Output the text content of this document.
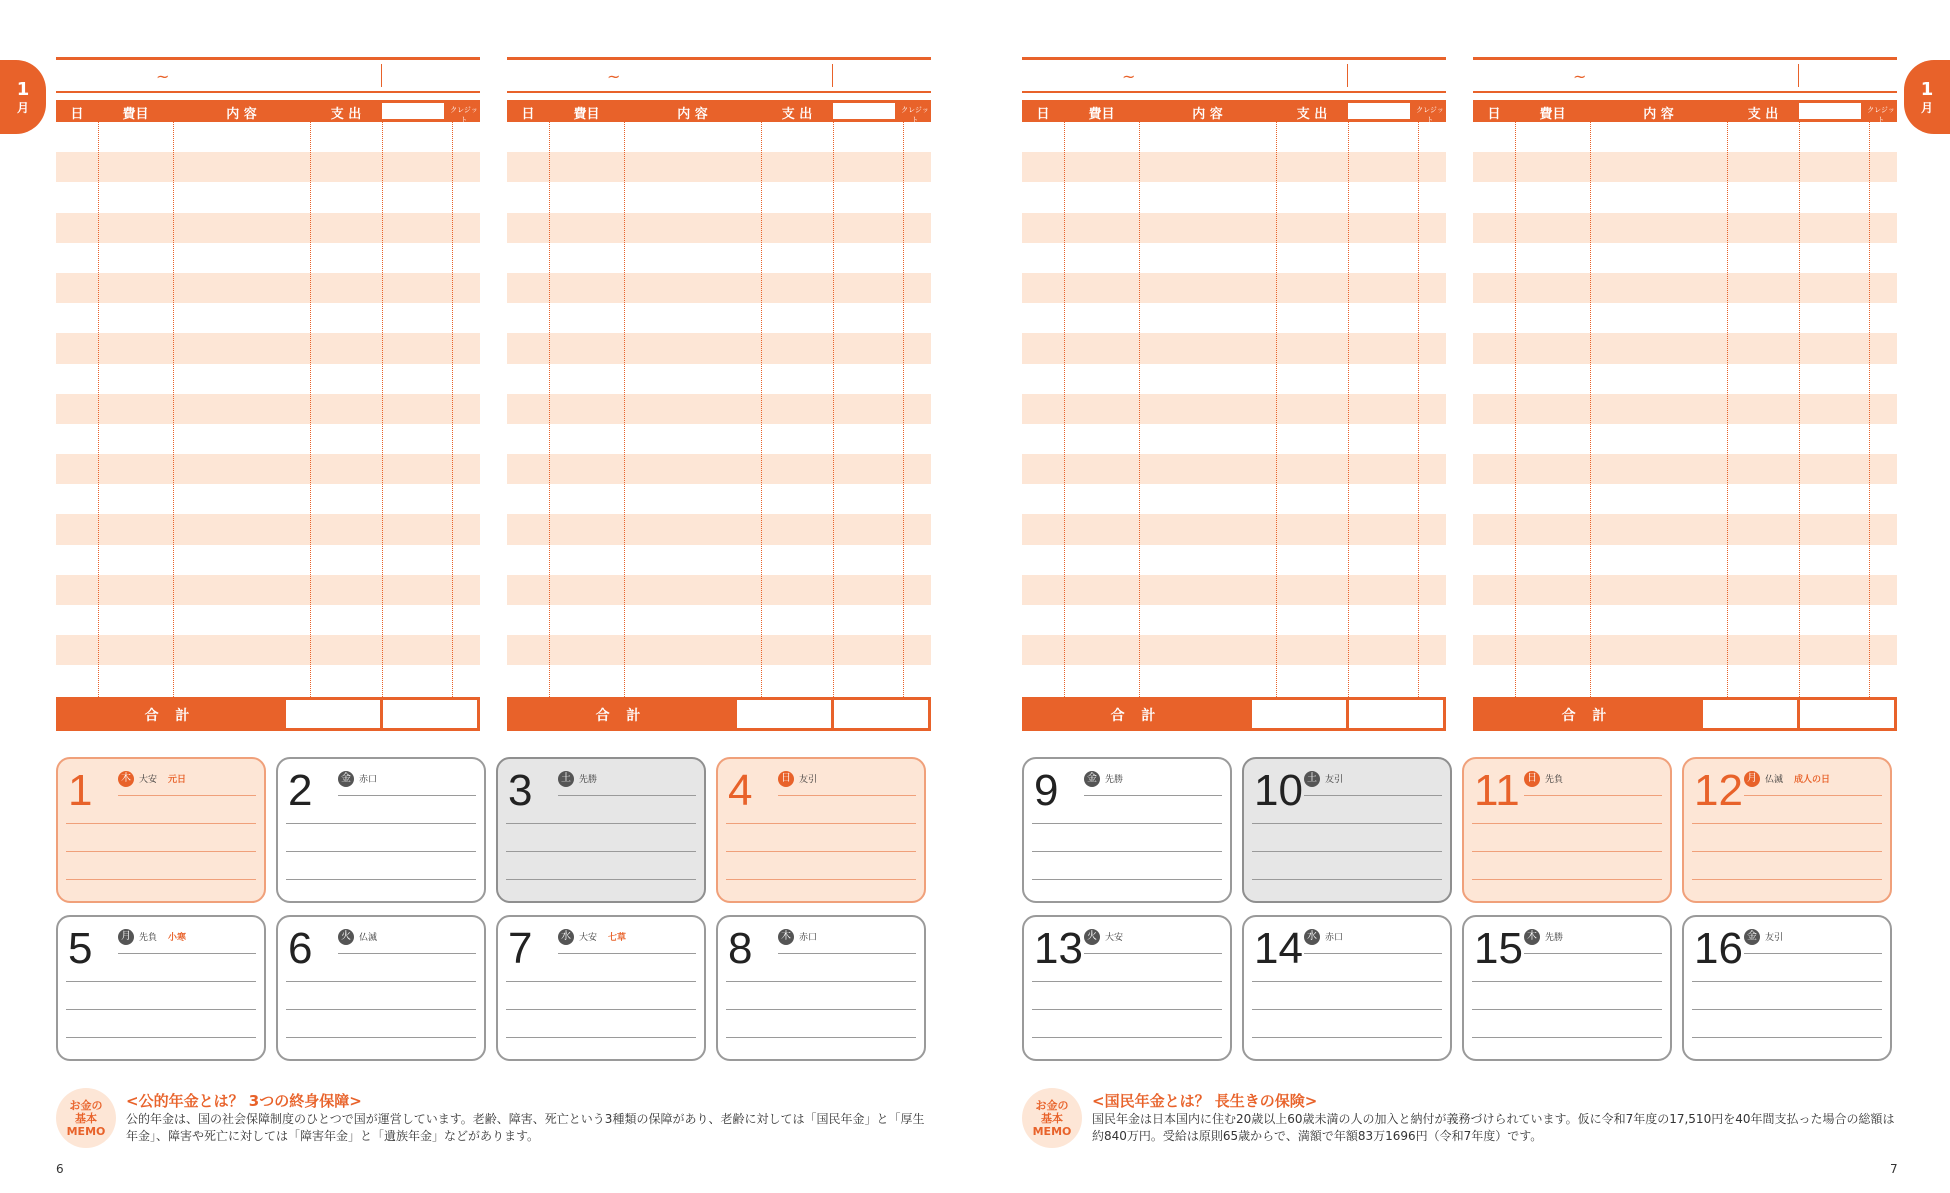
1
月
~
日	費目	内 容	支 出	クレジット
合 計
~
日	費目	内 容	支 出	クレジット
合 計
1	木 大安 元日 2	金 赤口	3	土 先勝	4	日 友引
5	月 先負 小寒 6	火 仏滅	7	水 大安 七草 8	木 赤口
お金の
基本
MEMO
<公的年金とは？ 3つの終身保障>
公的年金は、国の社会保障制度のひとつで国が運営しています。老齢、障害、死亡という3種類の保障があり、老齢に対しては「国民年金」と「厚生年金」、障害や死亡に対しては「障害年金」と「遺族年金」などがあります。
6
1
月
~
日	費目	内 容	支 出	クレジット
合 計
~
日	費目	内 容	支 出	クレジット
合 計
9	金 先勝	10 土 友引	11 日 先負	12 月 仏滅 成人の日
13 火 大安	14 水 赤口	15 木 先勝	16 金 友引
お金の
基本
MEMO
<国民年金とは？ 長生きの保険>
国民年金は日本国内に住む20歳以上60歳未満の人の加入と納付が義務づけられています。仮に令和7年度の17,510円を40年間支払った場合の総額は約840万円。受給は原則65歳からで、満額で年額83万1696円（令和7年度）です。
7
